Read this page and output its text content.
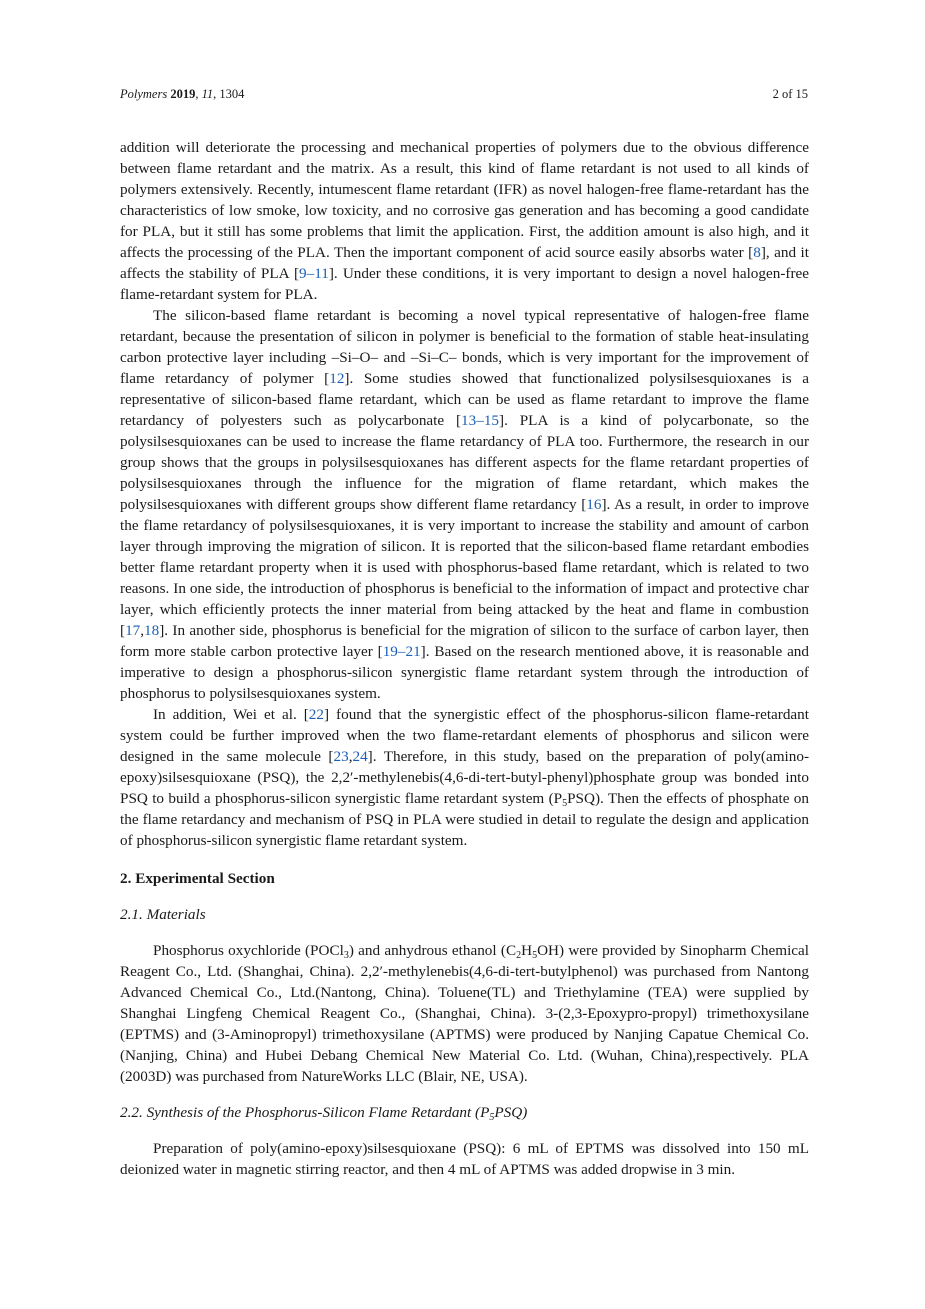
Polymers 2019, 11, 1304	2 of 15

addition will deteriorate the processing and mechanical properties of polymers due to the obvious difference between flame retardant and the matrix. As a result, this kind of flame retardant is not used to all kinds of polymers extensively. Recently, intumescent flame retardant (IFR) as novel halogen-free flame-retardant has the characteristics of low smoke, low toxicity, and no corrosive gas generation and has becoming a good candidate for PLA, but it still has some problems that limit the application. First, the addition amount is also high, and it affects the processing of the PLA. Then the important component of acid source easily absorbs water [8], and it affects the stability of PLA [9–11]. Under these conditions, it is very important to design a novel halogen-free flame-retardant system for PLA.

The silicon-based flame retardant is becoming a novel typical representative of halogen-free flame retardant, because the presentation of silicon in polymer is beneficial to the formation of stable heat-insulating carbon protective layer including –Si–O– and –Si–C– bonds, which is very important for the improvement of flame retardancy of polymer [12]. Some studies showed that functionalized polysilsesquioxanes is a representative of silicon-based flame retardant, which can be used as flame retardant to improve the flame retardancy of polyesters such as polycarbonate [13–15]. PLA is a kind of polycarbonate, so the polysilsesquioxanes can be used to increase the flame retardancy of PLA too. Furthermore, the research in our group shows that the groups in polysilsesquioxanes has different aspects for the flame retardant properties of polysilsesquioxanes through the influence for the migration of flame retardant, which makes the polysilsesquioxanes with different groups show different flame retardancy [16]. As a result, in order to improve the flame retardancy of polysilsesquioxanes, it is very important to increase the stability and amount of carbon layer through improving the migration of silicon. It is reported that the silicon-based flame retardant embodies better flame retardant property when it is used with phosphorus-based flame retardant, which is related to two reasons. In one side, the introduction of phosphorus is beneficial to the information of impact and protective char layer, which efficiently protects the inner material from being attacked by the heat and flame in combustion [17,18]. In another side, phosphorus is beneficial for the migration of silicon to the surface of carbon layer, then form more stable carbon protective layer [19–21]. Based on the research mentioned above, it is reasonable and imperative to design a phosphorus-silicon synergistic flame retardant system through the introduction of phosphorus to polysilsesquioxanes system.

In addition, Wei et al. [22] found that the synergistic effect of the phosphorus-silicon flame-retardant system could be further improved when the two flame-retardant elements of phosphorus and silicon were designed in the same molecule [23,24]. Therefore, in this study, based on the preparation of poly(amino-epoxy)silsesquioxane (PSQ), the 2,2′-methylenebis(4,6-di-tert-butyl-phenyl)phosphate group was bonded into PSQ to build a phosphorus-silicon synergistic flame retardant system $(P_5PSQ)$. Then the effects of phosphate on the flame retardancy and mechanism of PSQ in PLA were studied in detail to regulate the design and application of phosphorus-silicon synergistic flame retardant system.

2. Experimental Section
2.1. Materials

Phosphorus oxychloride (POCl$_3$) and anhydrous ethanol $(C_2H_5OH)$ were provided by Sinopharm Chemical Reagent Co., Ltd. (Shanghai, China). 2,2′-methylenebis(4,6-di-tert-butylphenol) was purchased from Nantong Advanced Chemical Co., Ltd.(Nantong, China). Toluene(TL) and Triethylamine (TEA) were supplied by Shanghai Lingfeng Chemical Reagent Co., (Shanghai, China). 3-(2,3-Epoxypro-propyl) trimethoxysilane (EPTMS) and (3-Aminopropyl) trimethoxysilane (APTMS) were produced by Nanjing Capatue Chemical Co. (Nanjing, China) and Hubei Debang Chemical New Material Co. Ltd. (Wuhan, China),respectively. PLA (2003D) was purchased from NatureWorks LLC (Blair, NE, USA).

2.2. Synthesis of the Phosphorus-Silicon Flame Retardant $(P_5PSQ)$

Preparation of poly(amino-epoxy)silsesquioxane (PSQ): 6 mL of EPTMS was dissolved into 150 mL deionized water in magnetic stirring reactor, and then 4 mL of APTMS was added dropwise in 3 min.
